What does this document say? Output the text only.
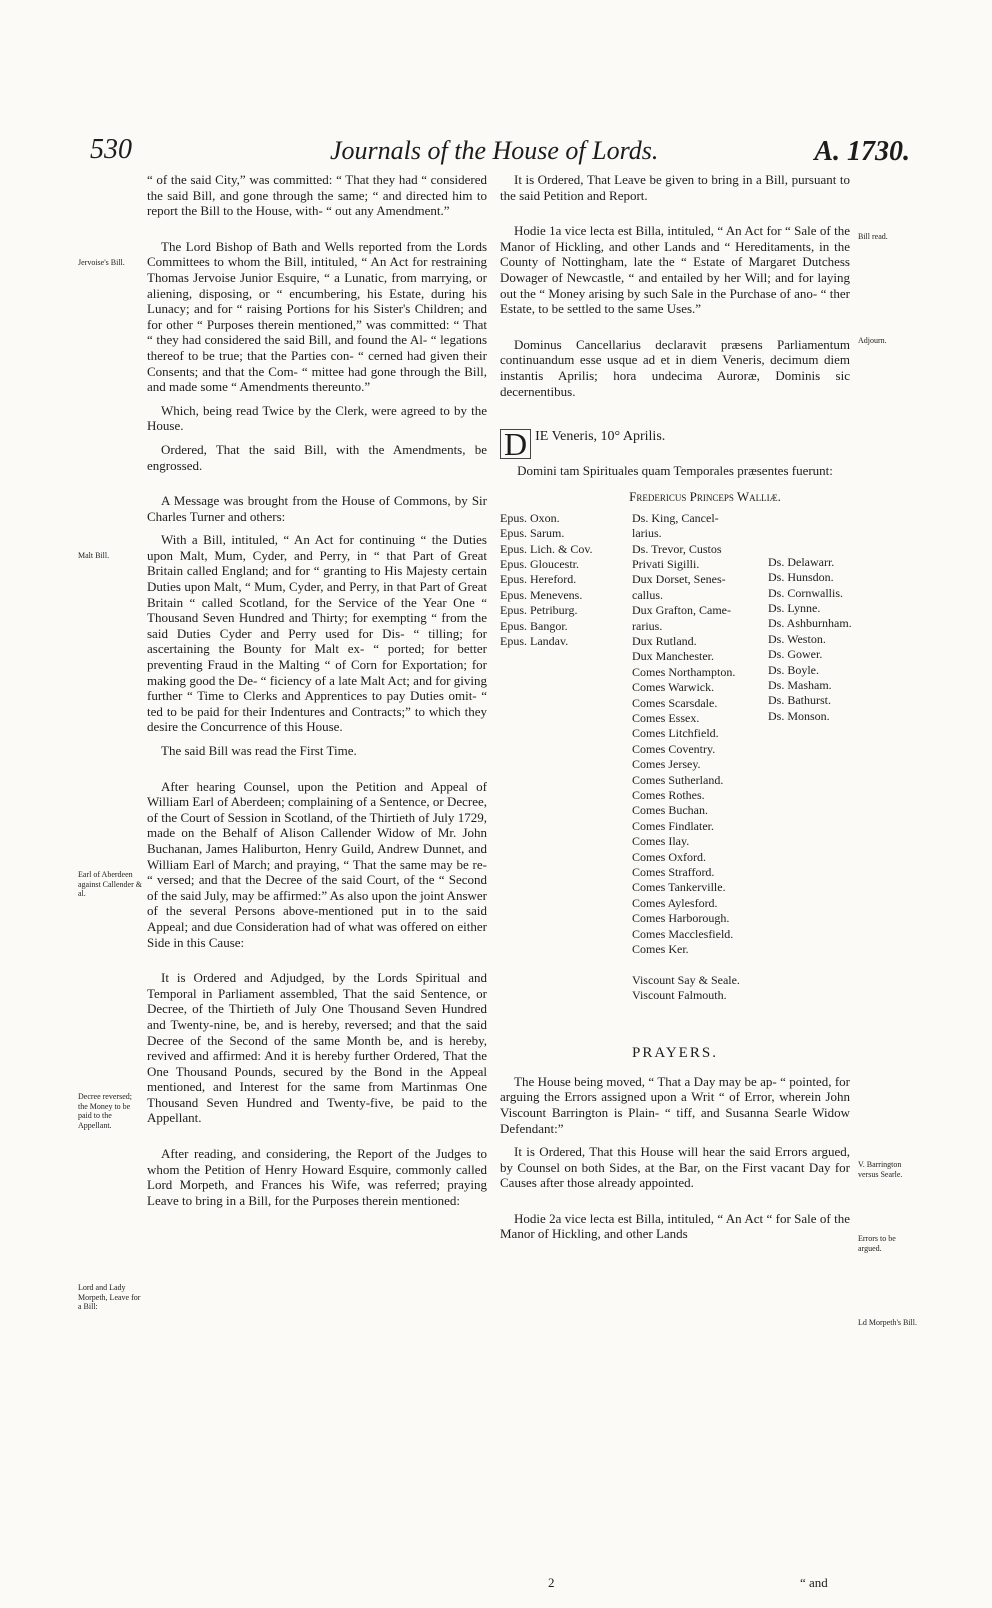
530	Journals of the House of Lords.	A. 1730.
Jervoise's Bill.
Malt Bill.
Earl of Aberdeen against Callender & al.
Decree reversed; the Money to be paid to the Appellant.
Lord and Lady Morpeth, Leave for a Bill:
Bill read.
Adjourn.
V. Barrington versus Searle.
Errors to be argued.
Ld Morpeth's Bill.

“ of the said City,” was committed: “ That they had “ considered the said Bill, and gone through the same; “ and directed him to report the Bill to the House, with- “ out any Amendment.”

The Lord Bishop of Bath and Wells reported from the Lords Committees to whom the Bill, intituled, “ An Act for restraining Thomas Jervoise Junior Esquire, “ a Lunatic, from marrying, or aliening, disposing, or “ encumbering, his Estate, during his Lunacy; and for “ raising Portions for his Sister's Children; and for other “ Purposes therein mentioned,” was committed: “ That “ they had considered the said Bill, and found the Al- “ legations thereof to be true; that the Parties con- “ cerned had given their Consents; and that the Com- “ mittee had gone through the Bill, and made some “ Amendments thereunto.”

Which, being read Twice by the Clerk, were agreed to by the House.

Ordered, That the said Bill, with the Amendments, be engrossed.

A Message was brought from the House of Commons, by Sir Charles Turner and others:

With a Bill, intituled, “ An Act for continuing “ the Duties upon Malt, Mum, Cyder, and Perry, in “ that Part of Great Britain called England; and for “ granting to His Majesty certain Duties upon Malt, “ Mum, Cyder, and Perry, in that Part of Great Britain “ called Scotland, for the Service of the Year One “ Thousand Seven Hundred and Thirty; for exempting “ from the said Duties Cyder and Perry used for Dis- “ tilling; for ascertaining the Bounty for Malt ex- “ ported; for better preventing Fraud in the Malting “ of Corn for Exportation; for making good the De- “ ficiency of a late Malt Act; and for giving further “ Time to Clerks and Apprentices to pay Duties omit- “ ted to be paid for their Indentures and Contracts;” to which they desire the Concurrence of this House.

The said Bill was read the First Time.

After hearing Counsel, upon the Petition and Appeal of William Earl of Aberdeen; complaining of a Sentence, or Decree, of the Court of Session in Scotland, of the Thirtieth of July 1729, made on the Behalf of Alison Callender Widow of Mr. John Buchanan, James Haliburton, Henry Guild, Andrew Dunnet, and William Earl of March; and praying, “ That the same may be re- “ versed; and that the Decree of the said Court, of the “ Second of the said July, may be affirmed:” As also upon the joint Answer of the several Persons above-mentioned put in to the said Appeal; and due Consideration had of what was offered on either Side in this Cause:

It is Ordered and Adjudged, by the Lords Spiritual and Temporal in Parliament assembled, That the said Sentence, or Decree, of the Thirtieth of July One Thousand Seven Hundred and Twenty-nine, be, and is hereby, reversed; and that the said Decree of the Second of the same Month be, and is hereby, revived and affirmed: And it is hereby further Ordered, That the One Thousand Pounds, secured by the Bond in the Appeal mentioned, and Interest for the same from Martinmas One Thousand Seven Hundred and Twenty-five, be paid to the Appellant.

After reading, and considering, the Report of the Judges to whom the Petition of Henry Howard Esquire, commonly called Lord Morpeth, and Frances his Wife, was referred; praying Leave to bring in a Bill, for the Purposes therein mentioned:

It is Ordered, That Leave be given to bring in a Bill, pursuant to the said Petition and Report.

Hodie 1a vice lecta est Billa, intituled, “ An Act for “ Sale of the Manor of Hickling, and other Lands and “ Hereditaments, in the County of Nottingham, late the “ Estate of Margaret Dutchess Dowager of Newcastle, “ and entailed by her Will; and for laying out the “ Money arising by such Sale in the Purchase of ano- “ ther Estate, to be settled to the same Uses.”

Dominus Cancellarius declaravit præsens Parliamentum continuandum esse usque ad et in diem Veneris, decimum diem instantis Aprilis; hora undecima Auroræ, Dominis sic decernentibus.

D IE Veneris, 10° Aprilis.

Domini tam Spirituales quam Temporales præsentes fuerunt:

Fredericus Princeps Walliæ.
Epus. Oxon.
Epus. Sarum.
Epus. Lich. & Cov.
Epus. Gloucestr.
Epus. Hereford.
Epus. Menevens.
Epus. Petriburg.
Epus. Bangor.
Epus. Landav.
Ds. King, Cancel-
larius.
Ds. Trevor, Custos
Privati Sigilli.
Dux Dorset, Senes-
callus.
Dux Grafton, Came-
rarius.
Dux Rutland.
Dux Manchester.
Comes Northampton.
Comes Warwick.
Comes Scarsdale.
Comes Essex.
Comes Litchfield.
Comes Coventry.
Comes Jersey.
Comes Sutherland.
Comes Rothes.
Comes Buchan.
Comes Findlater.
Comes Ilay.
Comes Oxford.
Comes Strafford.
Comes Tankerville.
Comes Aylesford.
Comes Harborough.
Comes Macclesfield.
Comes Ker.

Viscount Say & Seale.
Viscount Falmouth.
Ds. Delawarr.
Ds. Hunsdon.
Ds. Cornwallis.
Ds. Lynne.
Ds. Ashburnham.
Ds. Weston.
Ds. Gower.
Ds. Boyle.
Ds. Masham.
Ds. Bathurst.
Ds. Monson.
PRAYERS.

The House being moved, “ That a Day may be ap- “ pointed, for arguing the Errors assigned upon a Writ “ of Error, wherein John Viscount Barrington is Plain- “ tiff, and Susanna Searle Widow Defendant:”

It is Ordered, That this House will hear the said Errors argued, by Counsel on both Sides, at the Bar, on the First vacant Day for Causes after those already appointed.

Hodie 2a vice lecta est Billa, intituled, “ An Act “ for Sale of the Manor of Hickling, and other Lands

2	“ and
